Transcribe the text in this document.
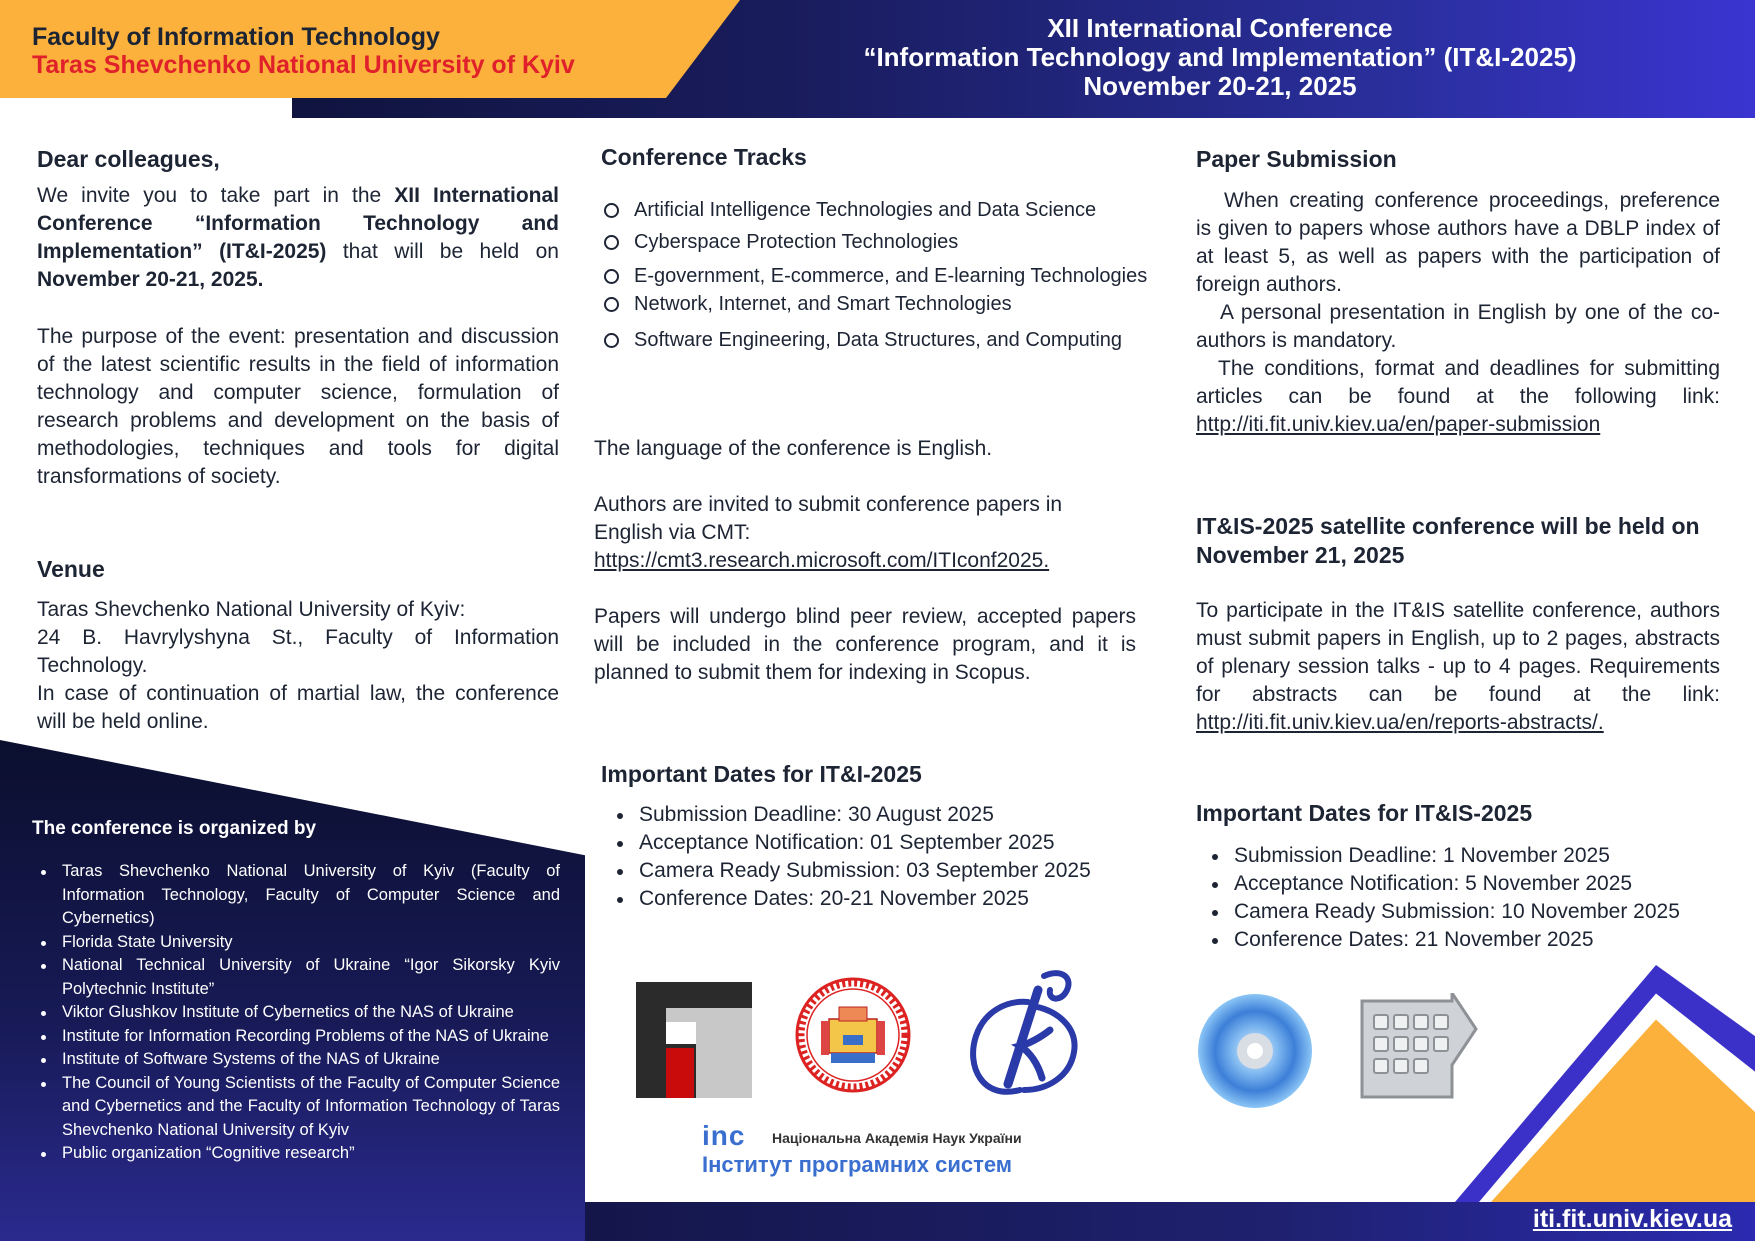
Faculty of Information Technology
Taras Shevchenko National University of Kyiv
XII International Conference
“Information Technology and Implementation” (IT&I-2025)
November 20-21, 2025
Dear colleagues,
We invite you to take part in the XII International Conference “Information Technology and Implementation” (IT&I-2025) that will be held on November 20-21, 2025.
The purpose of the event: presentation and discussion of the latest scientific results in the field of information technology and computer science, formulation of research problems and development on the basis of methodologies, techniques and tools for digital transformations of society.
Venue
Taras Shevchenko National University of Kyiv:
24 B. Havrylyshyna St., Faculty of Information Technology.
In case of continuation of martial law, the conference will be held online.
The conference is organized by
Taras Shevchenko National University of Kyiv (Faculty of Information Technology, Faculty of Computer Science and Cybernetics)
Florida State University
National Technical University of Ukraine “Igor Sikorsky Kyiv Polytechnic Institute”
Viktor Glushkov Institute of Cybernetics of the NAS of Ukraine
Institute for Information Recording Problems of the NAS of Ukraine
Institute of Software Systems of the NAS of Ukraine
The Council of Young Scientists of the Faculty of Computer Science and Cybernetics and the Faculty of Information Technology of Taras Shevchenko National University of Kyiv
Public organization “Cognitive research”
Conference Tracks
Artificial Intelligence Technologies and Data Science
Cyberspace Protection Technologies
E-government, E-commerce, and E-learning Technologies
Network, Internet, and Smart Technologies
Software Engineering, Data Structures, and Computing
The language of the conference is English.
Authors are invited to submit conference papers in English via CMT:
https://cmt3.research.microsoft.com/ITIconf2025.
Papers will undergo blind peer review, accepted papers will be included in the conference program, and it is planned to submit them for indexing in Scopus.
Important Dates for IT&I-2025
Submission Deadline: 30 August 2025
Acceptance Notification: 01 September 2025
Camera Ready Submission: 03 September 2025
Conference Dates: 20-21 November 2025
inc Національна Академія Наук України
Інститут програмних систем
Paper Submission
When creating conference proceedings, preference is given to papers whose authors have a DBLP index of at least 5, as well as papers with the participation of foreign authors.
A personal presentation in English by one of the co-authors is mandatory.
The conditions, format and deadlines for submitting articles can be found at the following link: http://iti.fit.univ.kiev.ua/en/paper-submission
IT&IS-2025 satellite conference will be held on November 21, 2025
To participate in the IT&IS satellite conference, authors must submit papers in English, up to 2 pages, abstracts of plenary session talks - up to 4 pages. Requirements for abstracts can be found at the link: http://iti.fit.univ.kiev.ua/en/reports-abstracts/.
Important Dates for IT&IS-2025
Submission Deadline: 1 November 2025
Acceptance Notification: 5 November 2025
Camera Ready Submission: 10 November 2025
Conference Dates: 21 November 2025
iti.fit.univ.kiev.ua
